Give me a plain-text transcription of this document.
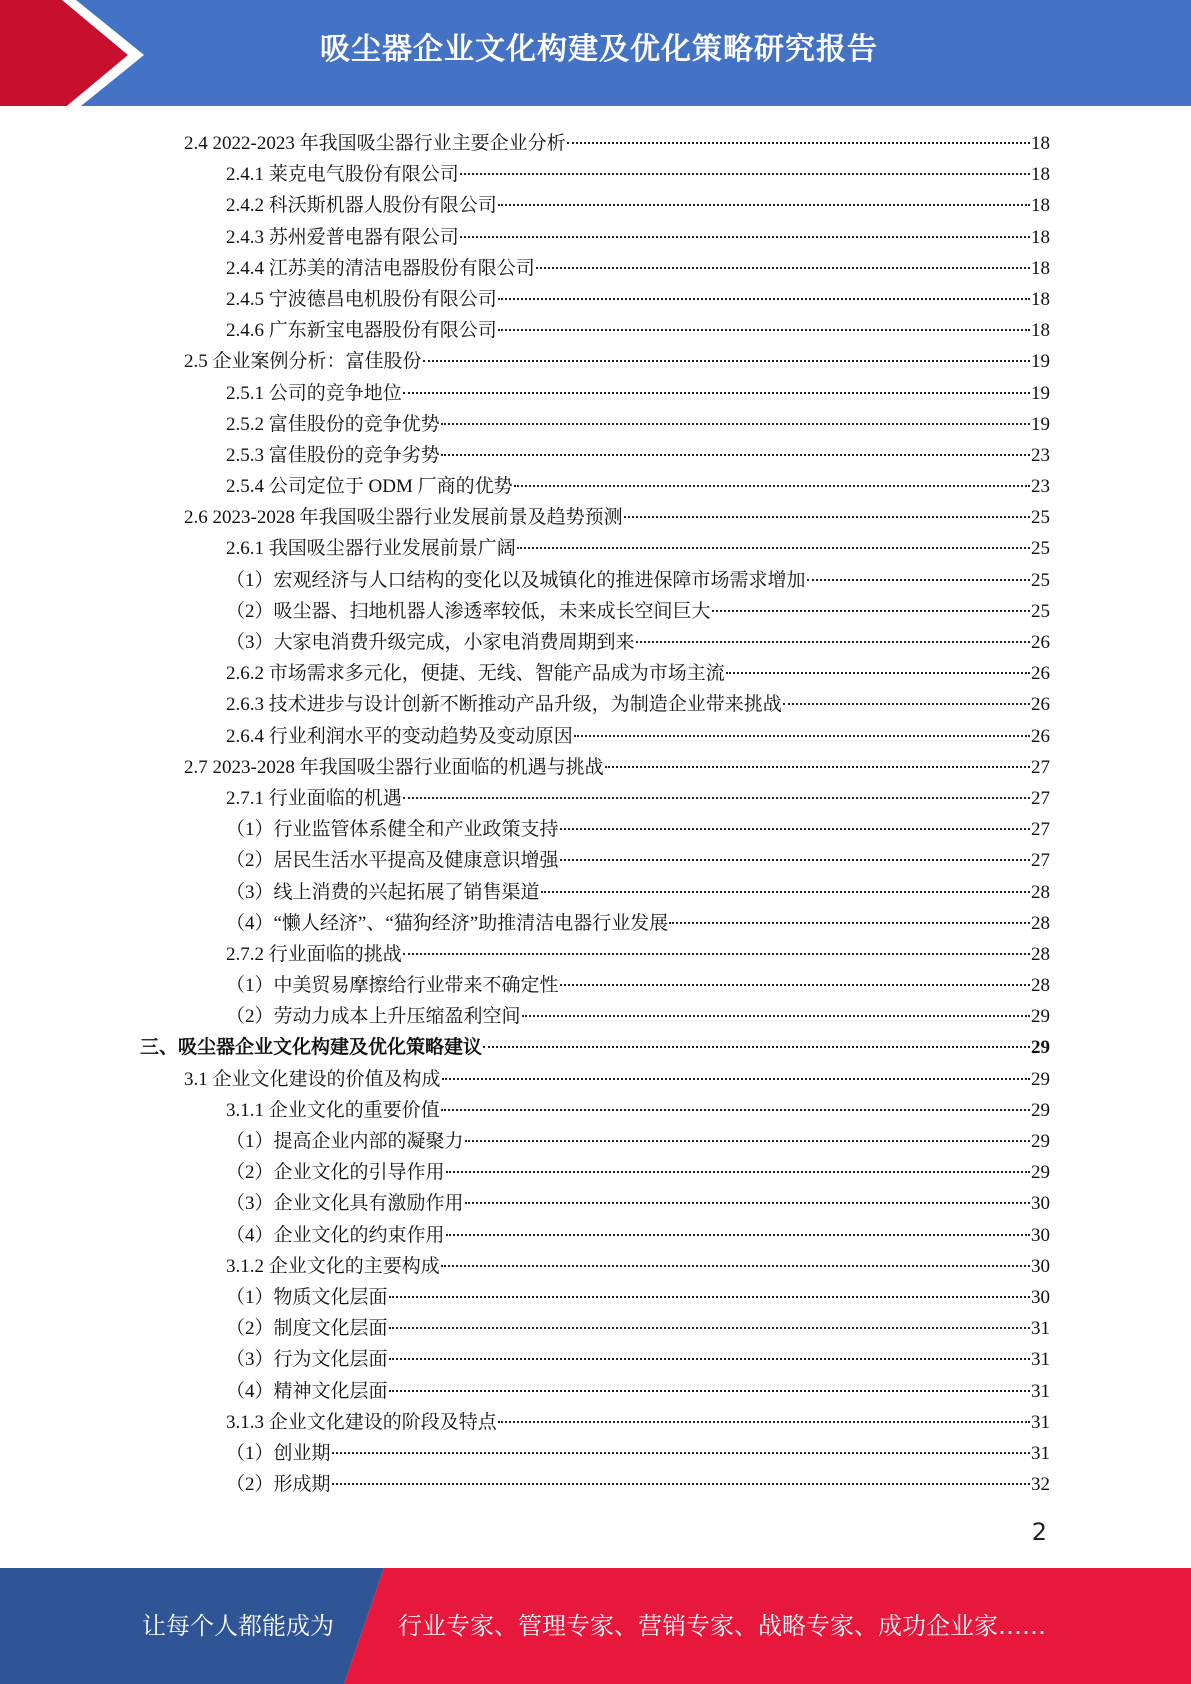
吸尘器企业文化构建及优化策略研究报告
2.4 2022-2023 年我国吸尘器行业主要企业分析	18
2.4.1 莱克电气股份有限公司	18
2.4.2 科沃斯机器人股份有限公司	18
2.4.3 苏州爱普电器有限公司	18
2.4.4 江苏美的清洁电器股份有限公司	18
2.4.5 宁波德昌电机股份有限公司	18
2.4.6 广东新宝电器股份有限公司	18
2.5 企业案例分析：富佳股份	19
2.5.1 公司的竞争地位	19
2.5.2 富佳股份的竞争优势	19
2.5.3 富佳股份的竞争劣势	23
2.5.4 公司定位于 ODM 厂商的优势	23
2.6 2023-2028 年我国吸尘器行业发展前景及趋势预测	25
2.6.1 我国吸尘器行业发展前景广阔	25
（1）宏观经济与人口结构的变化以及城镇化的推进保障市场需求增加	25
（2）吸尘器、扫地机器人渗透率较低，未来成长空间巨大	25
（3）大家电消费升级完成，小家电消费周期到来	26
2.6.2 市场需求多元化，便捷、无线、智能产品成为市场主流	26
2.6.3 技术进步与设计创新不断推动产品升级，为制造企业带来挑战	26
2.6.4 行业利润水平的变动趋势及变动原因	26
2.7 2023-2028 年我国吸尘器行业面临的机遇与挑战	27
2.7.1 行业面临的机遇	27
（1）行业监管体系健全和产业政策支持	27
（2）居民生活水平提高及健康意识增强	27
（3）线上消费的兴起拓展了销售渠道	28
（4）“懒人经济”、“猫狗经济”助推清洁电器行业发展	28
2.7.2 行业面临的挑战	28
（1）中美贸易摩擦给行业带来不确定性	28
（2）劳动力成本上升压缩盈利空间	29
三、吸尘器企业文化构建及优化策略建议	29
3.1 企业文化建设的价值及构成	29
3.1.1 企业文化的重要价值	29
（1）提高企业内部的凝聚力	29
（2）企业文化的引导作用	29
（3）企业文化具有激励作用	30
（4）企业文化的约束作用	30
3.1.2 企业文化的主要构成	30
（1）物质文化层面	30
（2）制度文化层面	31
（3）行为文化层面	31
（4）精神文化层面	31
3.1.3 企业文化建设的阶段及特点	31
（1）创业期	31
（2）形成期	32
2
让每个人都能成为	行业专家、管理专家、营销专家、战略专家、成功企业家……
